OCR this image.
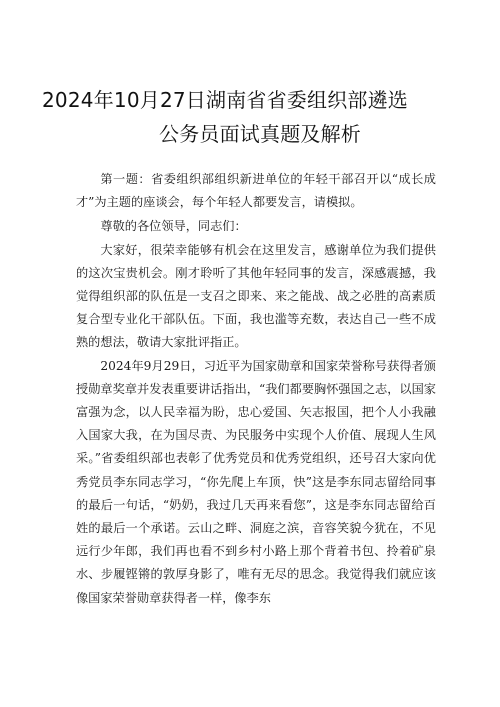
2024年10月27日湖南省省委组织部遴选
公务员面试真题及解析

第一题：省委组织部组织新进单位的年轻干部召开以“成长成才”为主题的座谈会，每个年轻人都要发言，请模拟。

尊敬的各位领导，同志们：

大家好，很荣幸能够有机会在这里发言，感谢单位为我们提供的这次宝贵机会。刚才聆听了其他年轻同事的发言，深感震撼，我觉得组织部的队伍是一支召之即来、来之能战、战之必胜的高素质复合型专业化干部队伍。下面，我也滥等充数，表达自己一些不成熟的想法，敬请大家批评指正。

2024年9月29日，习近平为国家勋章和国家荣誉称号获得者颁授勋章奖章并发表重要讲话指出，“我们都要胸怀强国之志，以国家富强为念，以人民幸福为盼，忠心爱国、矢志报国，把个人小我融入国家大我，在为国尽责、为民服务中实现个人价值、展现人生风采。”省委组织部也表彰了优秀党员和优秀党组织，还号召大家向优秀党员李东同志学习，“你先爬上车顶，快”这是李东同志留给同事的最后一句话，“奶奶，我过几天再来看您”，这是李东同志留给百姓的最后一个承诺。云山之畔、洞庭之滨，音容笑貌今犹在，不见远行少年郎，我们再也看不到乡村小路上那个背着书包、拎着矿泉水、步履铿锵的敦厚身影了，唯有无尽的思念。我觉得我们就应该像国家荣誉勋章获得者一样，像李东
